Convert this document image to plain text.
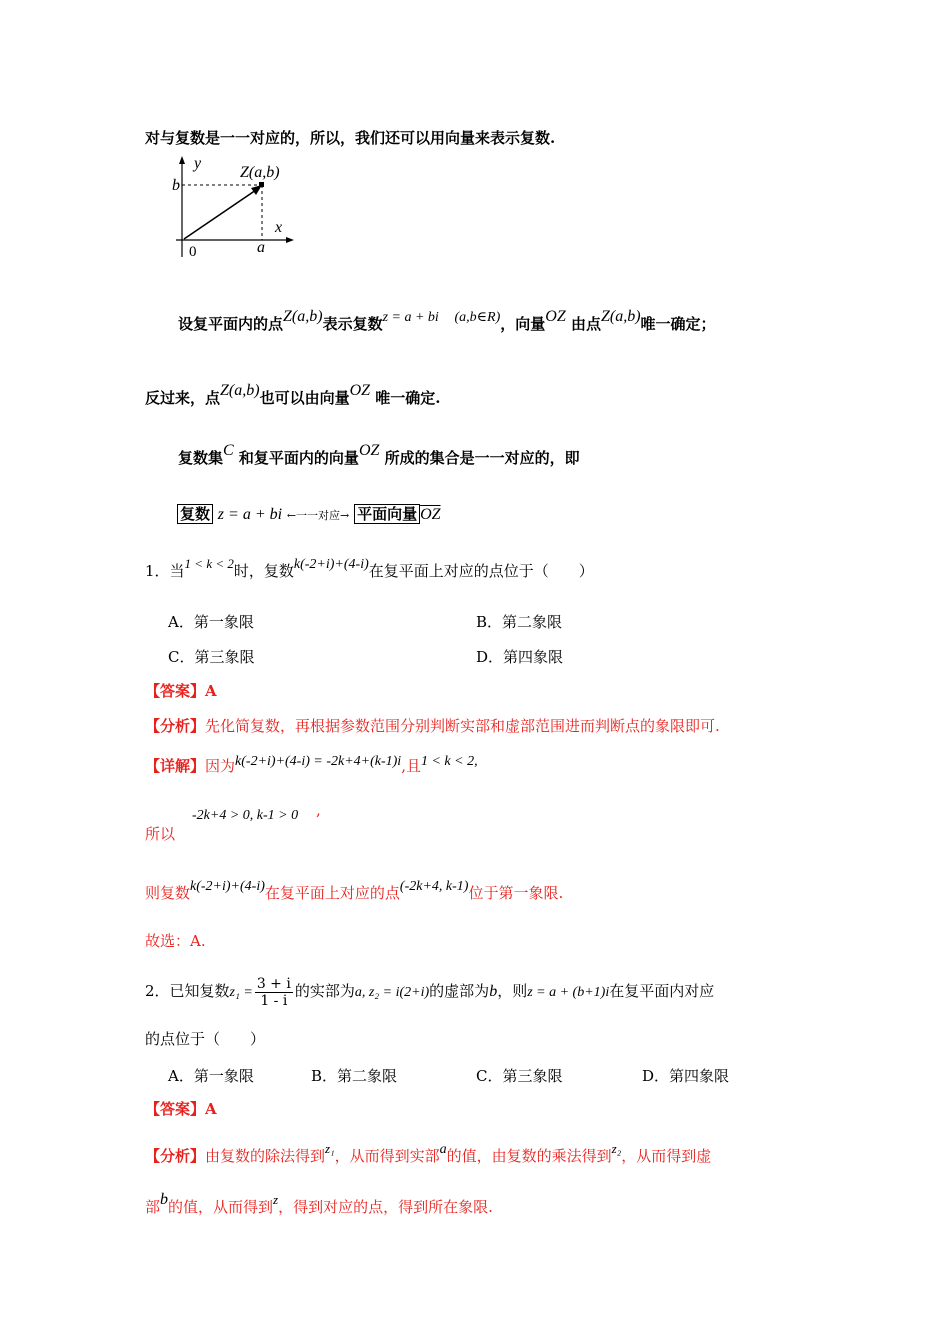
对与复数是一一对应的，所以，我们还可以用向量来表示复数.
y
x
b
a
0
Z(a,b)
设复平面内的点Z(a,b)表示复数z = a + bi (a,b∈R)，向量OZ 由点Z(a,b)唯一确定；
反过来，点Z(a,b)也可以由向量OZ 唯一确定.
复数集C 和复平面内的向量OZ 所成的集合是一一对应的，即
复数 z = a + bi ←一一对应→ 平面向量 $\overline{OZ}$
1．当1 < k < 2时，复数k(-2+i)+(4-i)在复平面上对应的点位于（　　）
A．第一象限	B．第二象限
C．第三象限	D．第四象限
【答案】A
【分析】先化简复数，再根据参数范围分别判断实部和虚部范围进而判断点的象限即可.
【详解】因为k(-2+i)+(4-i) = -2k+4+(k-1)i,且1 < k < 2,
-2k+4 > 0, k-1 > 0
所以
,
则复数k(-2+i)+(4-i)在复平面上对应的点(-2k+4, k-1)位于第一象限.
故选：A.
2．已知复数$z_1 = \frac{3 + i}{1 - i}$ 的实部为a, z₂ = i(2+i)的虚部为b，则z = a + (b+1)i在复平面内对应
的点位于（　　）
A．第一象限	B．第二象限	C．第三象限	D．第四象限
【答案】A
【分析】由复数的除法得到z₁，从而得到实部a的值，由复数的乘法得到z₂，从而得到虚
部b的值，从而得到z，得到对应的点，得到所在象限.
